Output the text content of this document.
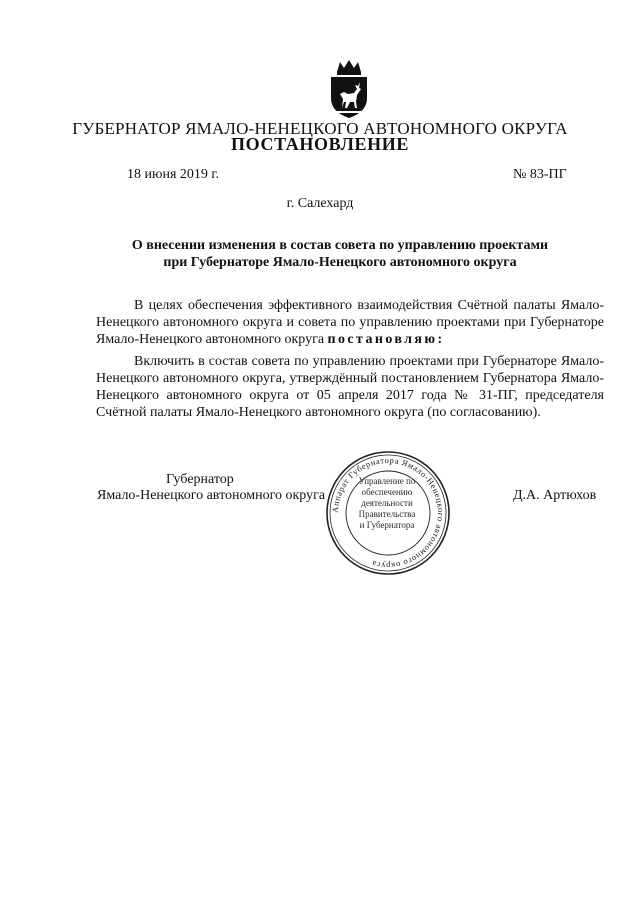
ГУБЕРНАТОР ЯМАЛО-НЕНЕЦКОГО АВТОНОМНОГО ОКРУГА
ПОСТАНОВЛЕНИЕ
18 июня 2019 г.	№ 83-ПГ
г. Салехард
О внесении изменения в состав совета по управлению проектами
при Губернаторе Ямало-Ненецкого автономного округа
В целях обеспечения эффективного взаимодействия Счётной палаты Ямало-Ненецкого автономного округа и совета по управлению проектами при Губернаторе Ямало-Ненецкого автономного округа постановляю:
Включить в состав совета по управлению проектами при Губернаторе Ямало-Ненецкого автономного округа, утверждённый постановлением Губернатора Ямало-Ненецкого автономного округа от 05 апреля 2017 года № 31-ПГ, председателя Счётной палаты Ямало-Ненецкого автономного округа (по согласованию).
Аппарат Губернатора Ямало-Ненецкого автономного округа
Управление по
обеспечению
деятельности
Правительства
и Губернатора
Губернатор
Ямало-Ненецкого автономного округа	Д.А. Артюхов
